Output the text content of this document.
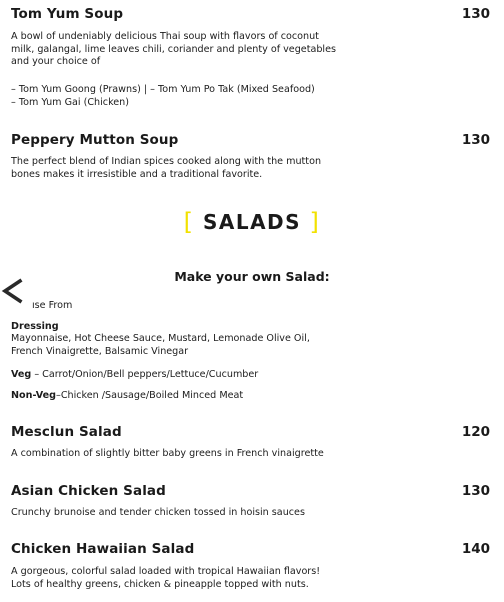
Tom Yum Soup	130

A bowl of undeniably delicious Thai soup with flavors of coconut

milk, galangal, lime leaves chili, coriander and plenty of vegetables

and your choice of

– Tom Yum Goong (Prawns) | – Tom Yum Po Tak (Mixed Seafood)

– Tom Yum Gai (Chicken)

Peppery Mutton Soup	130

The perfect blend of Indian spices cooked along with the mutton

bones makes it irresistible and a traditional favorite.

[ SALADS ]
Make your own Salad:
ıse From
Dressing

Mayonnaise, Hot Cheese Sauce, Mustard, Lemonade Olive Oil,

French Vinaigrette, Balsamic Vinegar

Veg – Carrot/Onion/Bell peppers/Lettuce/Cucumber
Non-Veg–Chicken /Sausage/Boiled Minced Meat
Mesclun Salad	120

A combination of slightly bitter baby greens in French vinaigrette

Asian Chicken Salad	130

Crunchy brunoise and tender chicken tossed in hoisin sauces

Chicken Hawaiian Salad	140

A gorgeous, colorful salad loaded with tropical Hawaiian flavors!

Lots of healthy greens, chicken & pineapple topped with nuts.
